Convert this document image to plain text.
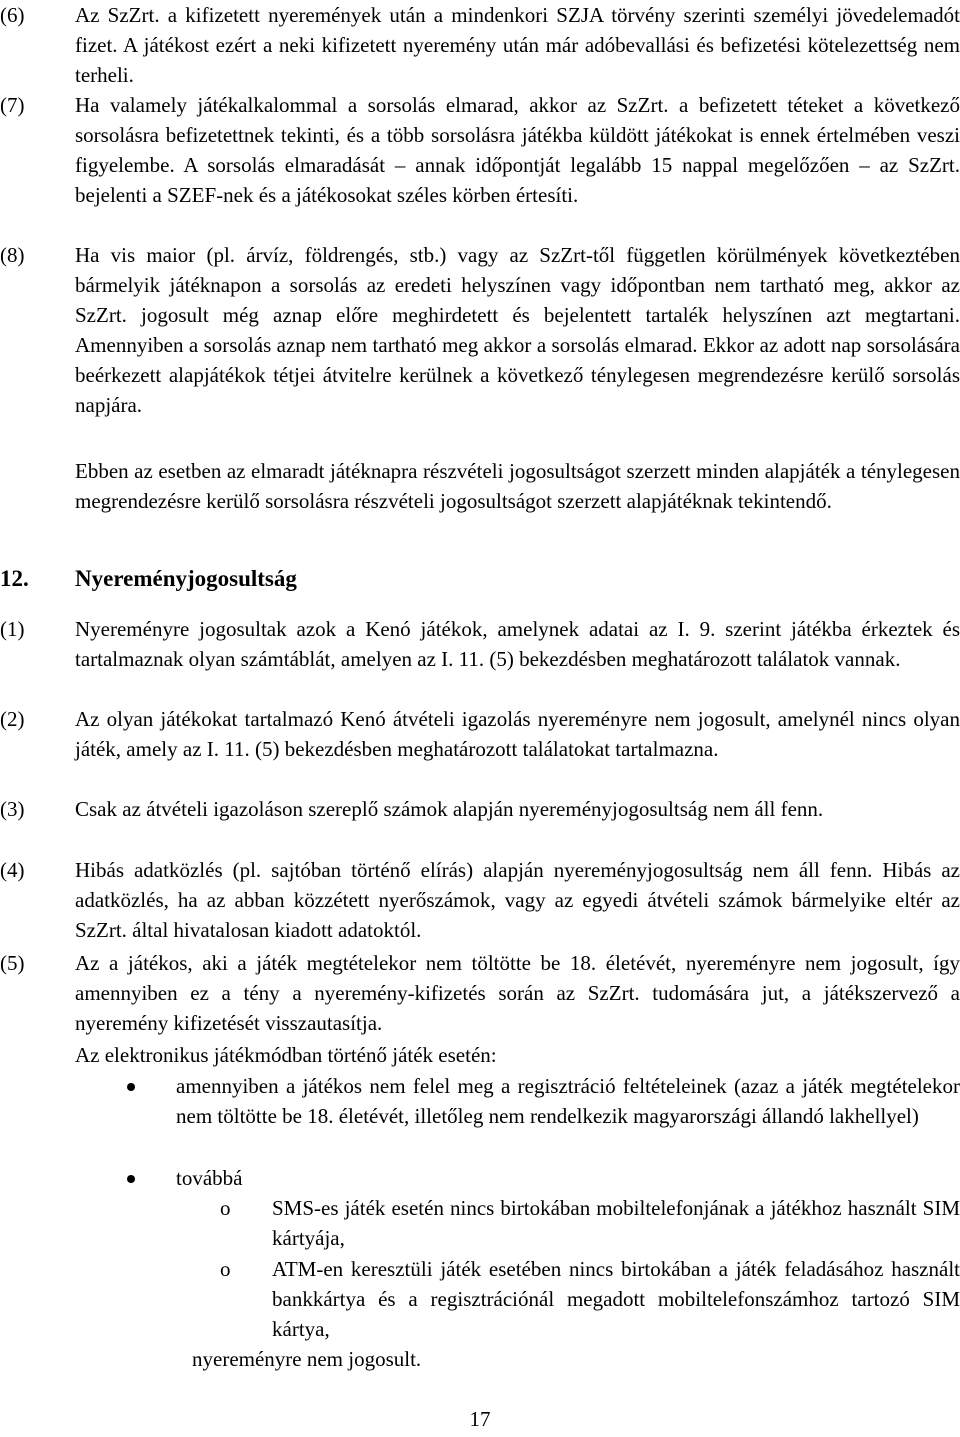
(6) Az SzZrt. a kifizetett nyeremények után a mindenkori SZJA törvény szerinti személyi jövedelemadót fizet. A játékost ezért a neki kifizetett nyeremény után már adóbevallási és befizetési kötelezettség nem terheli.
(7) Ha valamely játékalkalommal a sorsolás elmarad, akkor az SzZrt. a befizetett téteket a következő sorsolásra befizetettnek tekinti, és a több sorsolásra játékba küldött játékokat is ennek értelmében veszi figyelembe. A sorsolás elmaradását – annak időpontját legalább 15 nappal megelőzően – az SzZrt. bejelenti a SZEF-nek és a játékosokat széles körben értesíti.
(8) Ha vis maior (pl. árvíz, földrengés, stb.) vagy az SzZrt-től független körülmények következtében bármelyik játéknapon a sorsolás az eredeti helyszínen vagy időpontban nem tartható meg, akkor az SzZrt. jogosult még aznap előre meghirdetett és bejelentett tartalék helyszínen azt megtartani. Amennyiben a sorsolás aznap nem tartható meg akkor a sorsolás elmarad. Ekkor az adott nap sorsolására beérkezett alapjátékok tétjei átvitelre kerülnek a következő ténylegesen megrendezésre kerülő sorsolás napjára.
Ebben az esetben az elmaradt játéknapra részvételi jogosultságot szerzett minden alapjáték a ténylegesen megrendezésre kerülő sorsolásra részvételi jogosultságot szerzett alapjátéknak tekintendő.
12. Nyereményjogosultság
(1) Nyereményre jogosultak azok a Kenó játékok, amelynek adatai az I. 9. szerint játékba érkeztek és tartalmaznak olyan számtáblát, amelyen az I. 11. (5) bekezdésben meghatározott találatok vannak.
(2) Az olyan játékokat tartalmazó Kenó átvételi igazolás nyereményre nem jogosult, amelynél nincs olyan játék, amely az I. 11. (5) bekezdésben meghatározott találatokat tartalmazna.
(3) Csak az átvételi igazoláson szereplő számok alapján nyereményjogosultság nem áll fenn.
(4) Hibás adatközlés (pl. sajtóban történő elírás) alapján nyereményjogosultság nem áll fenn. Hibás az adatközlés, ha az abban közzétett nyerőszámok, vagy az egyedi átvételi számok bármelyike eltér az SzZrt. által hivatalosan kiadott adatoktól.
(5) Az a játékos, aki a játék megtételekor nem töltötte be 18. életévét, nyereményre nem jogosult, így amennyiben ez a tény a nyeremény-kifizetés során az SzZrt. tudomására jut, a játékszervező a nyeremény kifizetését visszautasítja.
Az elektronikus játékmódban történő játék esetén:
amennyiben a játékos nem felel meg a regisztráció feltételeinek (azaz a játék megtételekor nem töltötte be 18. életévét, illetőleg nem rendelkezik magyarországi állandó lakhellyel)
továbbá
o SMS-es játék esetén nincs birtokában mobiltelefonjának a játékhoz használt SIM kártyája,
o ATM-en keresztüli játék esetében nincs birtokában a játék feladásához használt bankkártya és a regisztrációnál megadott mobiltelefonszámhoz tartozó SIM kártya,
nyereményre nem jogosult.
17
